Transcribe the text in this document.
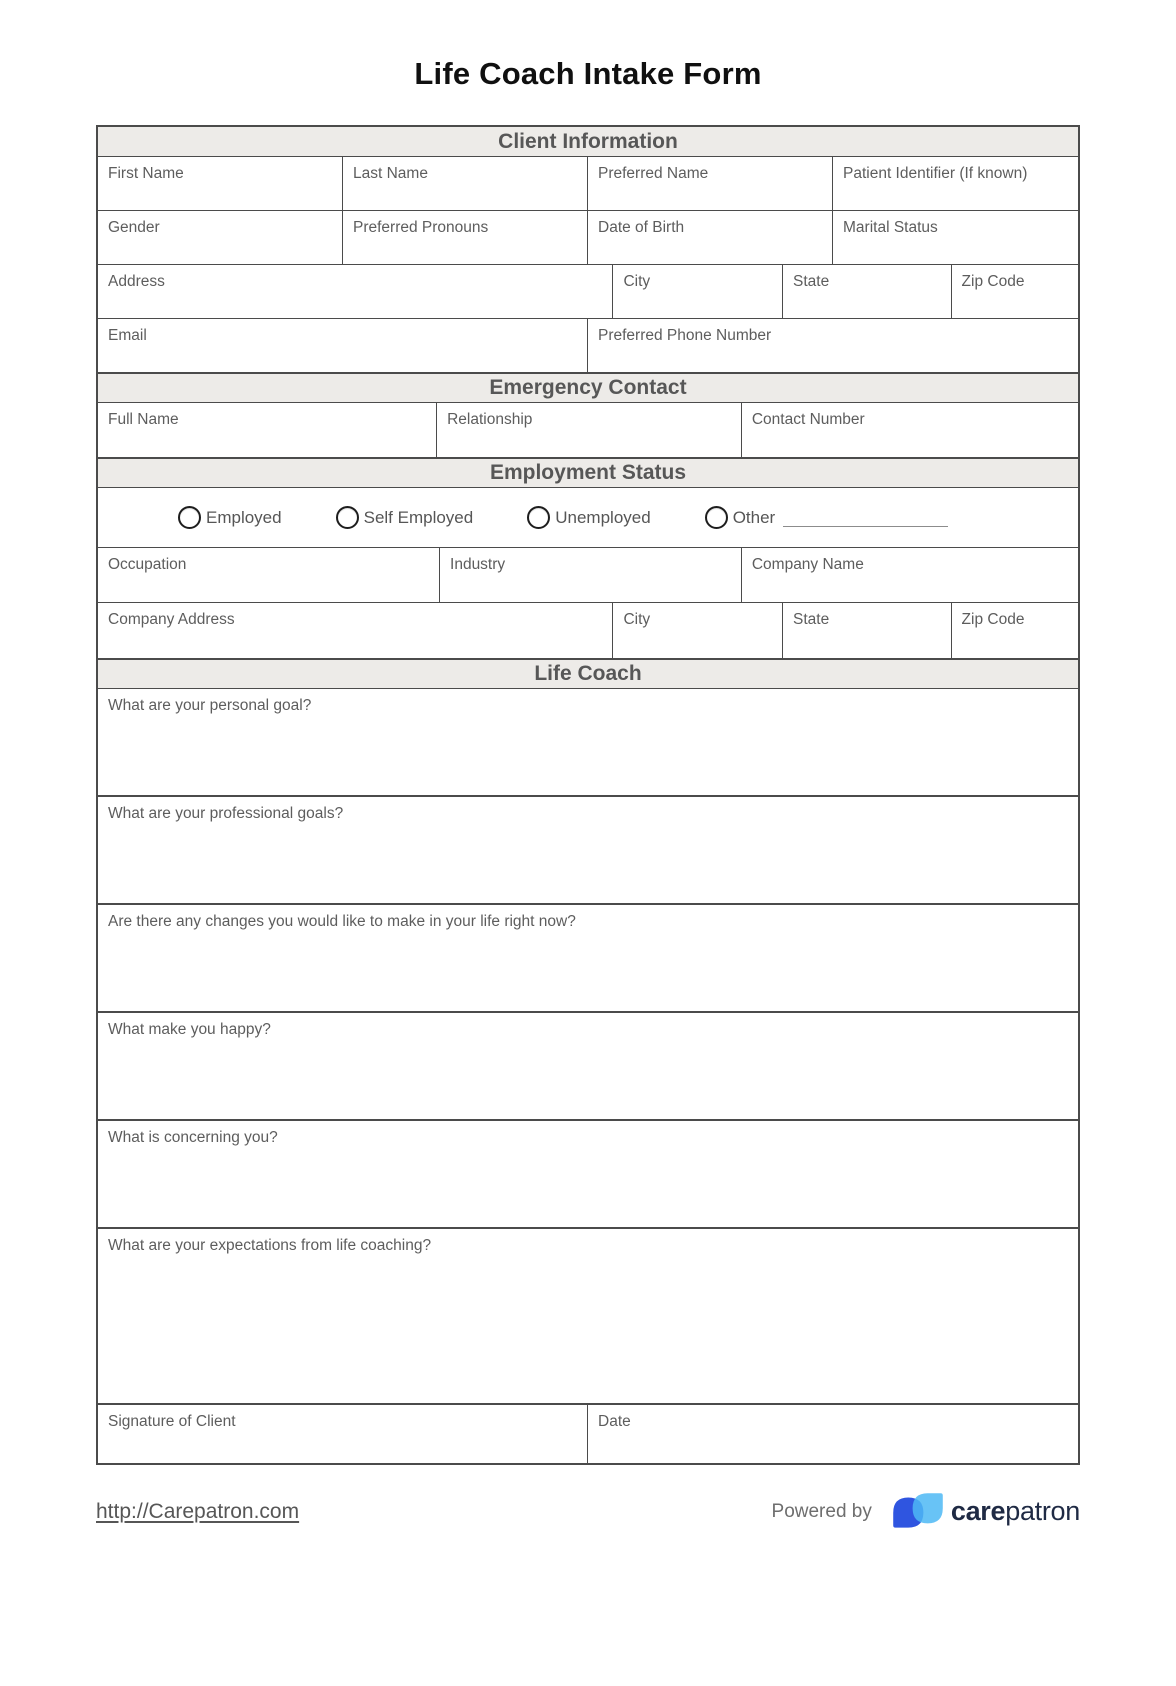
Life Coach Intake Form
Client Information
First Name	Last Name	Preferred Name	Patient Identifier (If known)
Gender	Preferred Pronouns	Date of Birth	Marital Status
Address	City	State	Zip Code
Email	Preferred Phone Number
Emergency Contact
Full Name	Relationship	Contact Number
Employment Status
Employed	Self Employed	Unemployed	Other
Occupation	Industry	Company Name
Company Address	City	State	Zip Code
Life Coach
What are your personal goal?
What are your professional goals?
Are there any changes you would like to make in your life right now?
What make you happy?
What is concerning you?
What are your expectations from life coaching?
Signature of Client	Date
http://Carepatron.com	Powered by	carepatron
